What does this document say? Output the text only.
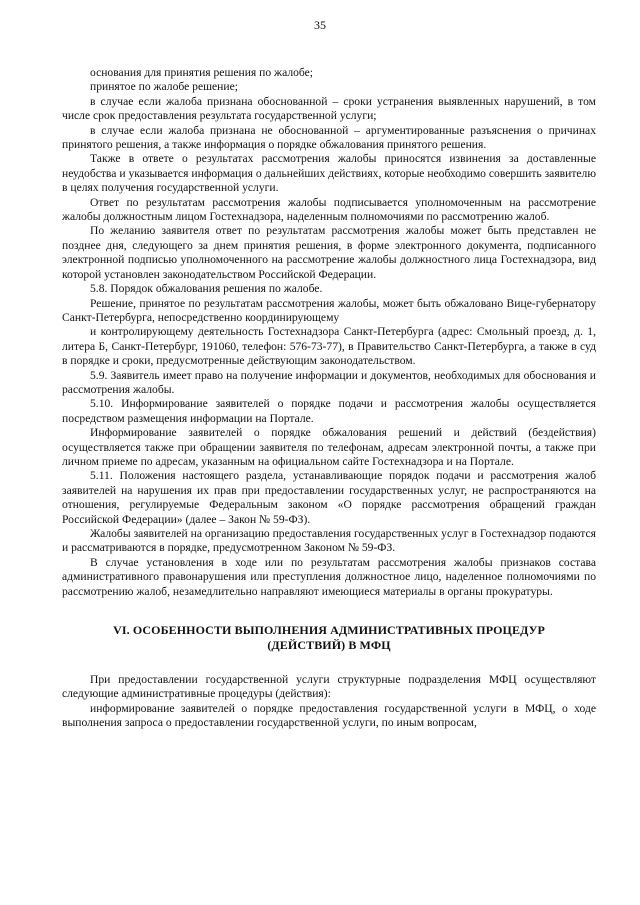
35

основания для принятия решения по жалобе;

принятое по жалобе решение;

в случае если жалоба признана обоснованной – сроки устранения выявленных нарушений, в том числе срок предоставления результата государственной услуги;

в случае если жалоба признана не обоснованной – аргументированные разъяснения о причинах принятого решения, а также информация о порядке обжалования принятого решения.

Также в ответе о результатах рассмотрения жалобы приносятся извинения за доставленные неудобства и указывается информация о дальнейших действиях, которые необходимо совершить заявителю в целях получения государственной услуги.

Ответ по результатам рассмотрения жалобы подписывается уполномоченным на рассмотрение жалобы должностным лицом Гостехнадзора, наделенным полномочиями по рассмотрению жалоб.

По желанию заявителя ответ по результатам рассмотрения жалобы может быть представлен не позднее дня, следующего за днем принятия решения, в форме электронного документа, подписанного электронной подписью уполномоченного на рассмотрение жалобы должностного лица Гостехнадзора, вид которой установлен законодательством Российской Федерации.

5.8. Порядок обжалования решения по жалобе.

Решение, принятое по результатам рассмотрения жалобы, может быть обжаловано Вице-губернатору Санкт-Петербурга, непосредственно координирующему

и контролирующему деятельность Гостехнадзора Санкт-Петербурга (адрес: Смольный проезд, д. 1, литера Б, Санкт-Петербург, 191060, телефон: 576-73-77), в Правительство Санкт-Петербурга, а также в суд в порядке и сроки, предусмотренные действующим законодательством.

5.9. Заявитель имеет право на получение информации и документов, необходимых для обоснования и рассмотрения жалобы.

5.10. Информирование заявителей о порядке подачи и рассмотрения жалобы осуществляется посредством размещения информации на Портале.

Информирование заявителей о порядке обжалования решений и действий (бездействия) осуществляется также при обращении заявителя по телефонам, адресам электронной почты, а также при личном приеме по адресам, указанным на официальном сайте Гостехнадзора и на Портале.

5.11. Положения настоящего раздела, устанавливающие порядок подачи и рассмотрения жалоб заявителей на нарушения их прав при предоставлении государственных услуг, не распространяются на отношения, регулируемые Федеральным законом «О порядке рассмотрения обращений граждан Российской Федерации» (далее – Закон № 59-ФЗ).

Жалобы заявителей на организацию предоставления государственных услуг в Гостехнадзор подаются и рассматриваются в порядке, предусмотренном Законом № 59-ФЗ.

В случае установления в ходе или по результатам рассмотрения жалобы признаков состава административного правонарушения или преступления должностное лицо, наделенное полномочиями по рассмотрению жалоб, незамедлительно направляют имеющиеся материалы в органы прокуратуры.

VI. ОСОБЕННОСТИ ВЫПОЛНЕНИЯ АДМИНИСТРАТИВНЫХ ПРОЦЕДУР
(ДЕЙСТВИЙ) В МФЦ

При предоставлении государственной услуги структурные подразделения МФЦ осуществляют следующие административные процедуры (действия):

информирование заявителей о порядке предоставления государственной услуги в МФЦ, о ходе выполнения запроса о предоставлении государственной услуги, по иным вопросам,
